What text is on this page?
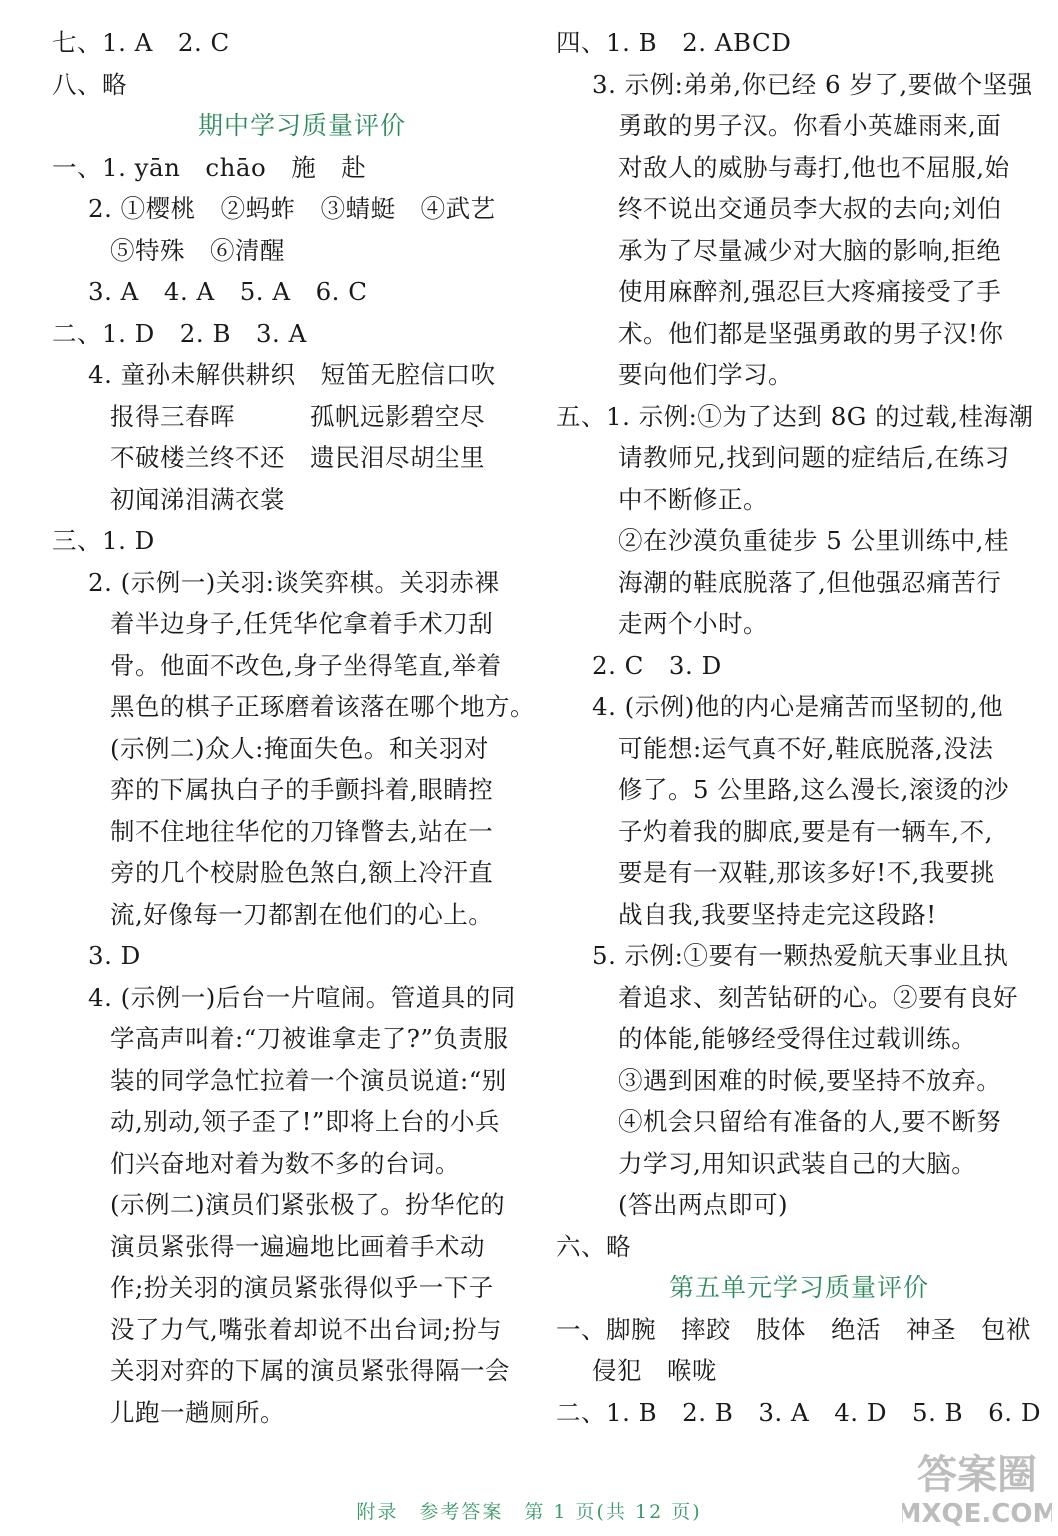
七、1. A　2. C
八、略
期中学习质量评价
一、1. yān　chāo　施　赴
2. ①樱桃　②蚂蚱　③蜻蜓　④武艺
⑤特殊　⑥清醒
3. A　4. A　5. A　6. C
二、1. D　2. B　3. A
4. 童孙未解供耕织　短笛无腔信口吹
报得三春晖　　　孤帆远影碧空尽
不破楼兰终不还　遗民泪尽胡尘里
初闻涕泪满衣裳
三、1. D
2. (示例一)关羽:谈笑弈棋。关羽赤裸
着半边身子,任凭华佗拿着手术刀刮
骨。他面不改色,身子坐得笔直,举着
黑色的棋子正琢磨着该落在哪个地方。
(示例二)众人:掩面失色。和关羽对
弈的下属执白子的手颤抖着,眼睛控
制不住地往华佗的刀锋瞥去,站在一
旁的几个校尉脸色煞白,额上冷汗直
流,好像每一刀都割在他们的心上。
3. D
4. (示例一)后台一片喧闹。管道具的同
学高声叫着:“刀被谁拿走了?”负责服
装的同学急忙拉着一个演员说道:“别
动,别动,领子歪了!”即将上台的小兵
们兴奋地对着为数不多的台词。
(示例二)演员们紧张极了。扮华佗的
演员紧张得一遍遍地比画着手术动
作;扮关羽的演员紧张得似乎一下子
没了力气,嘴张着却说不出台词;扮与
关羽对弈的下属的演员紧张得隔一会
儿跑一趟厕所。
四、1. B　2. ABCD
3. 示例:弟弟,你已经 6 岁了,要做个坚强
勇敢的男子汉。你看小英雄雨来,面
对敌人的威胁与毒打,他也不屈服,始
终不说出交通员李大叔的去向;刘伯
承为了尽量减少对大脑的影响,拒绝
使用麻醉剂,强忍巨大疼痛接受了手
术。他们都是坚强勇敢的男子汉!你
要向他们学习。
五、1. 示例:①为了达到 8G 的过载,桂海潮
请教师兄,找到问题的症结后,在练习
中不断修正。
②在沙漠负重徒步 5 公里训练中,桂
海潮的鞋底脱落了,但他强忍痛苦行
走两个小时。
2. C　3. D
4. (示例)他的内心是痛苦而坚韧的,他
可能想:运气真不好,鞋底脱落,没法
修了。5 公里路,这么漫长,滚烫的沙
子灼着我的脚底,要是有一辆车,不,
要是有一双鞋,那该多好!不,我要挑
战自我,我要坚持走完这段路!
5. 示例:①要有一颗热爱航天事业且执
着追求、刻苦钻研的心。②要有良好
的体能,能够经受得住过载训练。
③遇到困难的时候,要坚持不放弃。
④机会只留给有准备的人,要不断努
力学习,用知识武装自己的大脑。
(答出两点即可)
六、略
第五单元学习质量评价
一、脚腕　摔跤　肢体　绝活　神圣　包袱
侵犯　喉咙
二、1. B　2. B　3. A　4. D　5. B　6. D
附录　参考答案　第 1 页(共 12 页)
答案圈
MXQE.COM
